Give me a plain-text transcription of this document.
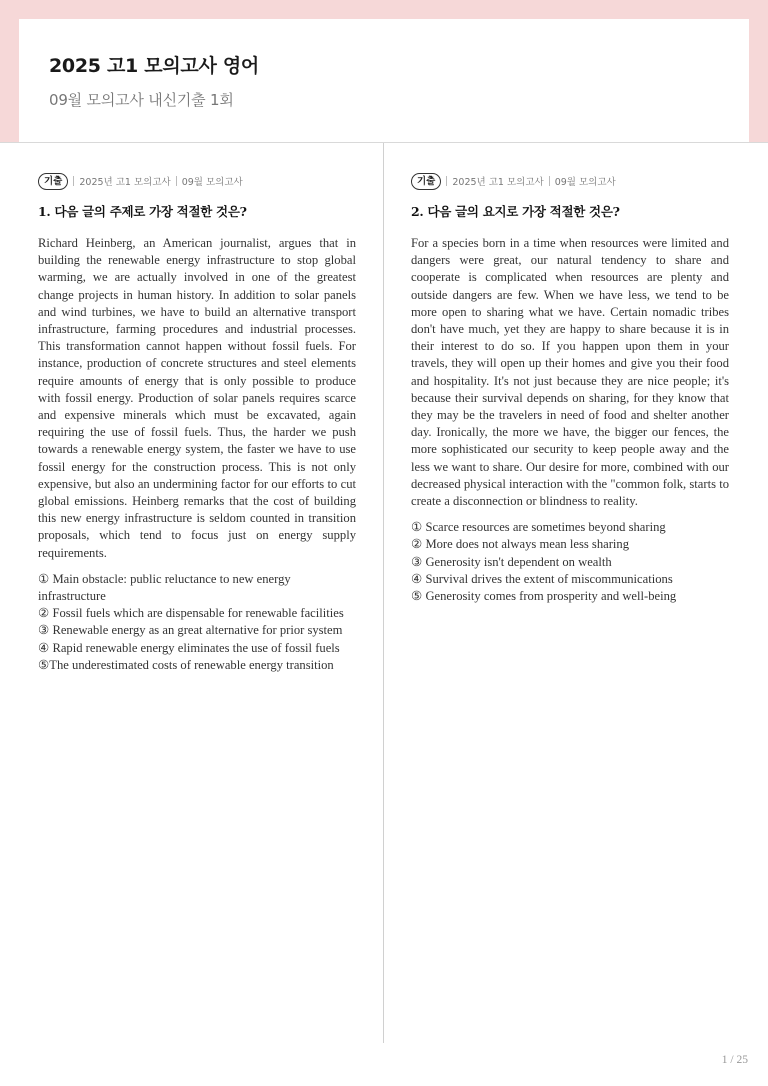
2025 고1 모의고사 영어
09월 모의고사 내신기출 1회
기출	2025년 고1 모의고사 09월 모의고사
1. 다음 글의 주제로 가장 적절한 것은?
Richard Heinberg, an American journalist, argues that in building the renewable energy infrastructure to stop global warming, we are actually involved in one of the greatest change projects in human history. In addition to solar panels and wind turbines, we have to build an alternative transport infrastructure, farming procedures and industrial processes. This transformation cannot happen without fossil fuels. For instance, production of concrete structures and steel elements require amounts of energy that is only possible to produce with fossil energy. Production of solar panels requires scarce and expensive minerals which must be excavated, again requiring the use of fossil fuels. Thus, the harder we push towards a renewable energy system, the faster we have to use fossil energy for the construction process. This is not only expensive, but also an undermining factor for our efforts to cut global emissions. Heinberg remarks that the cost of building this new energy infrastructure is seldom counted in transition proposals, which tend to focus just on energy supply requirements.
① Main obstacle: public reluctance to new energy infrastructure
② Fossil fuels which are dispensable for renewable facilities
③ Renewable energy as an great alternative for prior system
④ Rapid renewable energy eliminates the use of fossil fuels
⑤The underestimated costs of renewable energy transition
기출	2025년 고1 모의고사 09월 모의고사
2. 다음 글의 요지로 가장 적절한 것은?
For a species born in a time when resources were limited and dangers were great, our natural tendency to share and cooperate is complicated when resources are plenty and outside dangers are few. When we have less, we tend to be more open to sharing what we have. Certain nomadic tribes don't have much, yet they are happy to share because it is in their interest to do so. If you happen upon them in your travels, they will open up their homes and give you their food and hospitality. It's not just because they are nice people; it's because their survival depends on sharing, for they know that they may be the travelers in need of food and shelter another day. Ironically, the more we have, the bigger our fences, the more sophisticated our security to keep people away and the less we want to share. Our desire for more, combined with our decreased physical interaction with the "common folk, starts to create a disconnection or blindness to reality.
① Scarce resources are sometimes beyond sharing
② More does not always mean less sharing
③ Generosity isn't dependent on wealth
④ Survival drives the extent of miscommunications
⑤ Generosity comes from prosperity and well-being
1 / 25
